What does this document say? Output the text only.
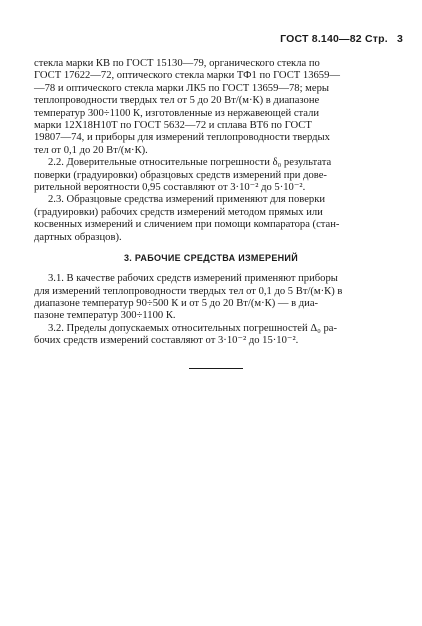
ГОСТ 8.140—82 Стр. 3
стекла марки КВ по ГОСТ 15130—79, органического стекла по
ГОСТ 17622—72, оптического стекла марки ТФ1 по ГОСТ 13659—
—78 и оптического стекла марки ЛК5 по ГОСТ 13659—78; меры
теплопроводности твердых тел от 5 до 20 Вт/(м·К) в диапазоне
температур 300÷1100 К, изготовленные из нержавеющей стали
марки 12Х18Н10Т по ГОСТ 5632—72 и сплава ВТ6 по ГОСТ
19807—74, и приборы для измерений теплопроводности твердых
тел от 0,1 до 20 Вт/(м·К).
2.2. Доверительные относительные погрешности δ₀ результата
поверки (градуировки) образцовых средств измерений при дове-
рительной вероятности 0,95 составляют от 3·10⁻² до 5·10⁻².
2.3. Образцовые средства измерений применяют для поверки
(градуировки) рабочих средств измерений методом прямых или
косвенных измерений и сличением при помощи компаратора (стан-
дартных образцов).
3. РАБОЧИЕ СРЕДСТВА ИЗМЕРЕНИЙ
3.1. В качестве рабочих средств измерений применяют приборы
для измерений теплопроводности твердых тел от 0,1 до 5 Вт/(м·К) в
диапазоне температур 90÷500 К и от 5 до 20 Вт/(м·К) — в диа-
пазоне температур 300÷1100 К.
3.2. Пределы допускаемых относительных погрешностей Δ₀ ра-
бочих средств измерений составляют от 3·10⁻² до 15·10⁻².
